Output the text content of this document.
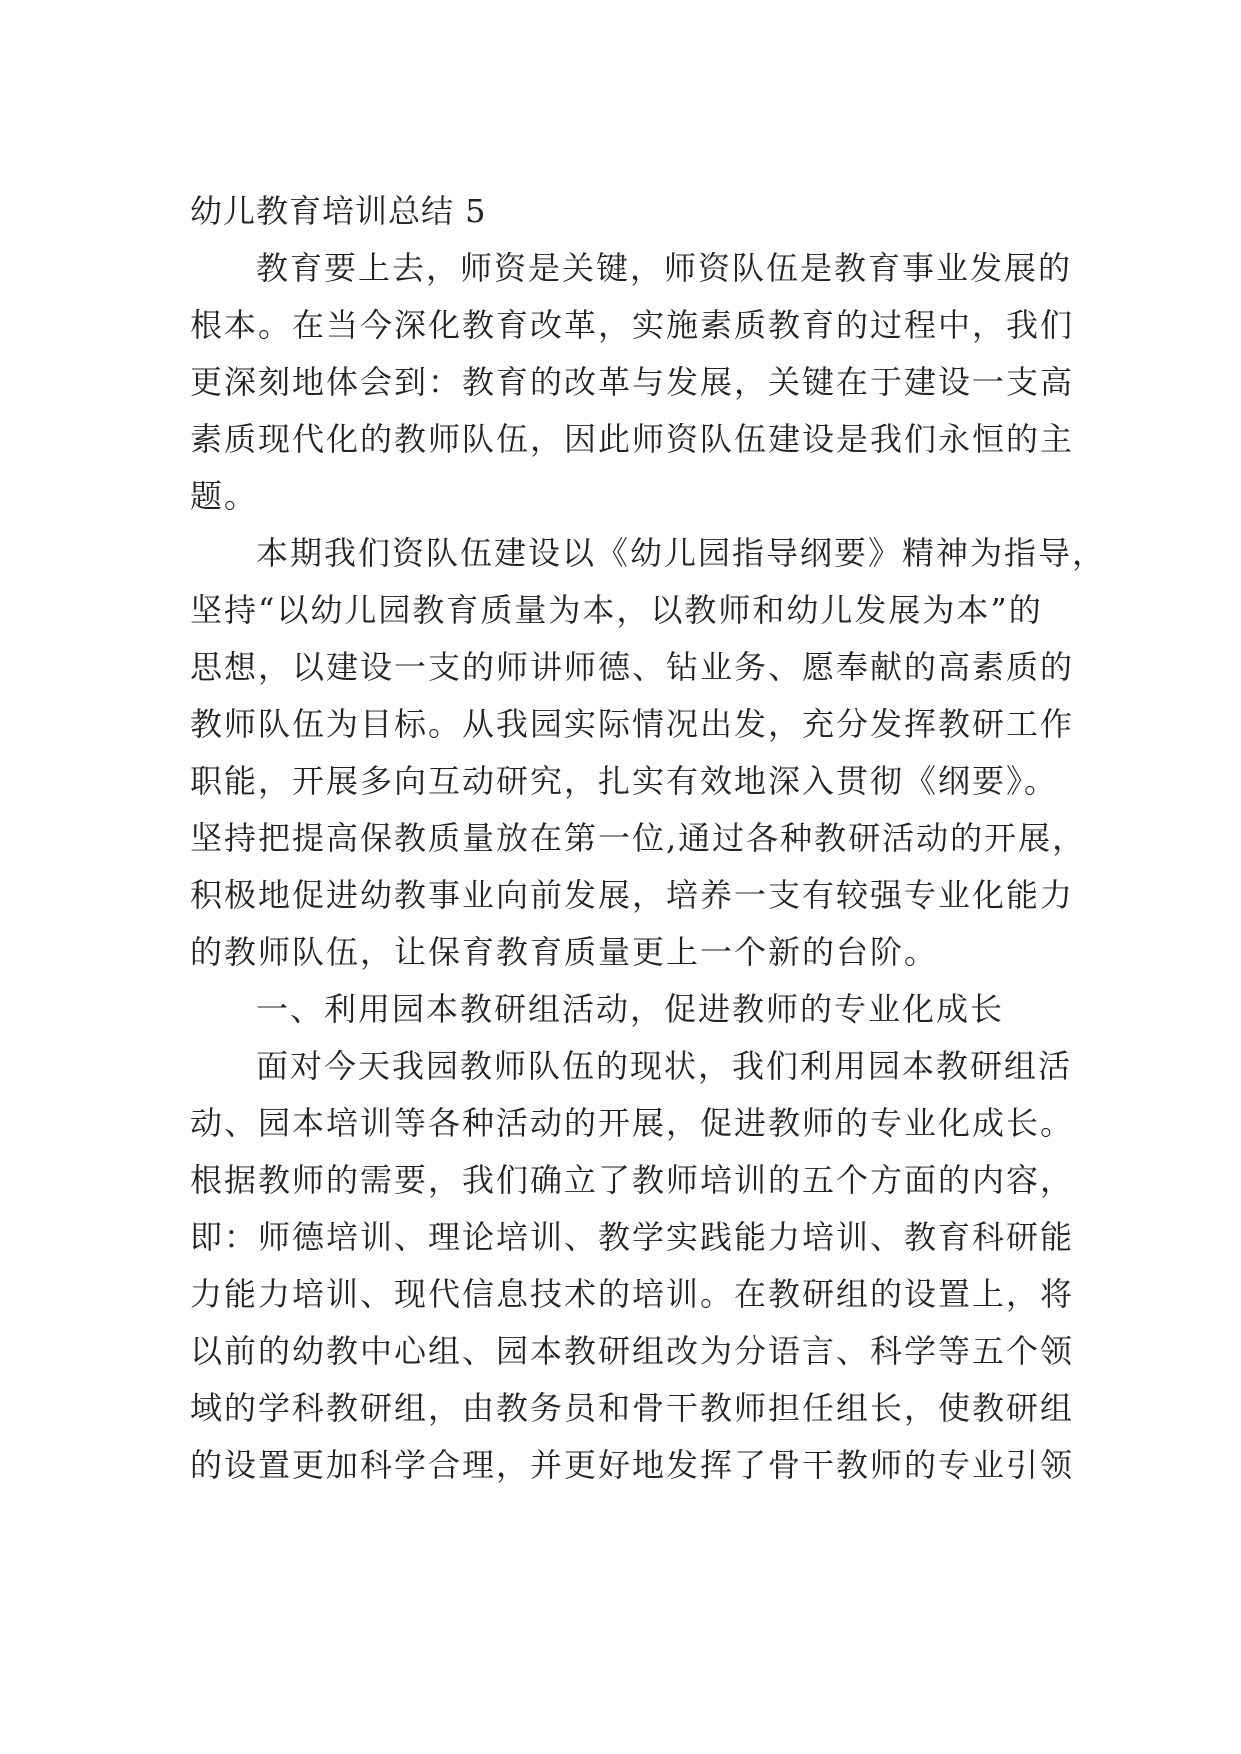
幼儿教育培训总结 5
教育要上去，师资是关键，师资队伍是教育事业发展的
根本。在当今深化教育改革，实施素质教育的过程中，我们
更深刻地体会到：教育的改革与发展，关键在于建设一支高
素质现代化的教师队伍，因此师资队伍建设是我们永恒的主
题。
本期我们资队伍建设以《幼儿园指导纲要》精神为指导，
坚持“以幼儿园教育质量为本，以教师和幼儿发展为本”的
思想，以建设一支的师讲师德、钻业务、愿奉献的高素质的
教师队伍为目标。从我园实际情况出发，充分发挥教研工作
职能，开展多向互动研究，扎实有效地深入贯彻《纲要》。
坚持把提高保教质量放在第一位,通过各种教研活动的开展，
积极地促进幼教事业向前发展，培养一支有较强专业化能力
的教师队伍，让保育教育质量更上一个新的台阶。
一、利用园本教研组活动，促进教师的专业化成长
面对今天我园教师队伍的现状，我们利用园本教研组活
动、园本培训等各种活动的开展，促进教师的专业化成长。
根据教师的需要，我们确立了教师培训的五个方面的内容，
即：师德培训、理论培训、教学实践能力培训、教育科研能
力能力培训、现代信息技术的培训。在教研组的设置上，将
以前的幼教中心组、园本教研组改为分语言、科学等五个领
域的学科教研组，由教务员和骨干教师担任组长，使教研组
的设置更加科学合理，并更好地发挥了骨干教师的专业引领
